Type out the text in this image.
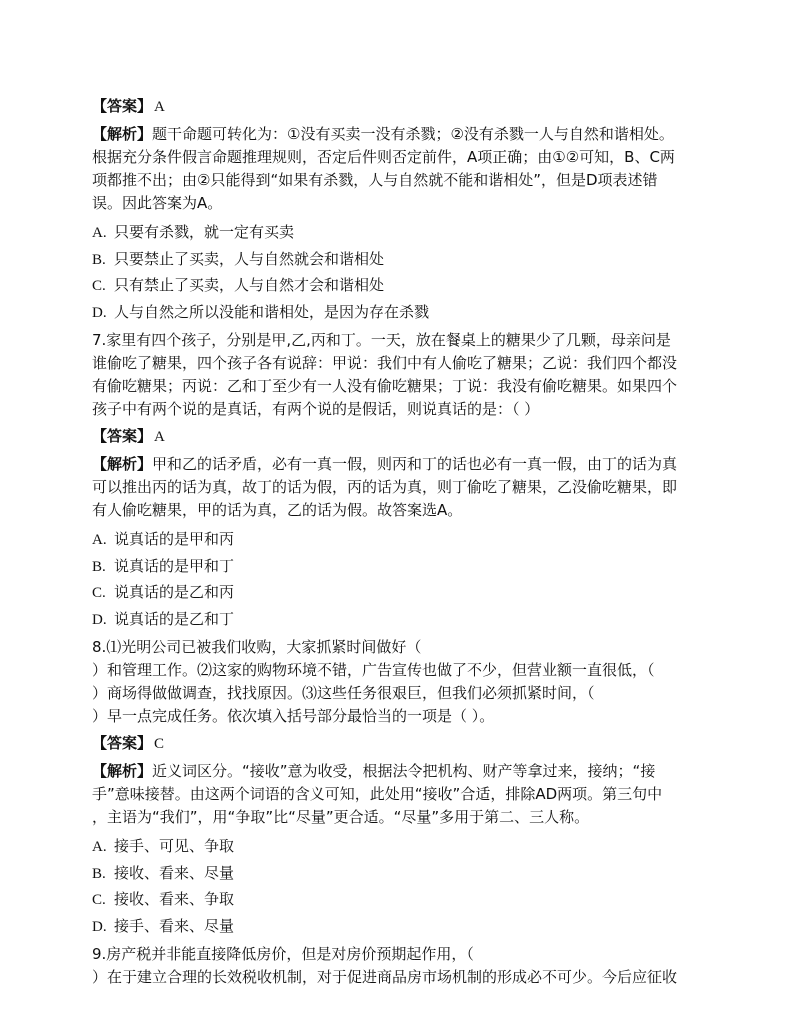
【答案】 A

【解析】题干命题可转化为：①没有买卖一没有杀戮；②没有杀戮一人与自然和谐相处。
根据充分条件假言命题推理规则，否定后件则否定前件，A项正确；由①②可知，B、C两
项都推不出；由②只能得到“如果有杀戮，人与自然就不能和谐相处”，但是D项表述错
误。因此答案为A。

A. 只要有杀戮，就一定有买卖
B. 只要禁止了买卖，人与自然就会和谐相处
C. 只有禁止了买卖，人与自然才会和谐相处
D. 人与自然之所以没能和谐相处，是因为存在杀戮

7.家里有四个孩子，分别是甲,乙,丙和丁。一天，放在餐桌上的糖果少了几颗，母亲问是
谁偷吃了糖果，四个孩子各有说辞：甲说：我们中有人偷吃了糖果；乙说：我们四个都没
有偷吃糖果；丙说：乙和丁至少有一人没有偷吃糖果；丁说：我没有偷吃糖果。如果四个
孩子中有两个说的是真话，有两个说的是假话，则说真话的是：（ ）

【答案】 A

【解析】甲和乙的话矛盾，必有一真一假，则丙和丁的话也必有一真一假，由丁的话为真
可以推出丙的话为真，故丁的话为假，丙的话为真，则丁偷吃了糖果，乙没偷吃糖果，即
有人偷吃糖果，甲的话为真，乙的话为假。故答案选A。

A. 说真话的是甲和丙
B. 说真话的是甲和丁
C. 说真话的是乙和丙
D. 说真话的是乙和丁

8.⑴光明公司已被我们收购，大家抓紧时间做好（
）和管理工作。⑵这家的购物环境不错，广告宣传也做了不少，但营业额一直很低，（
）商场得做做调查，找找原因。⑶这些任务很艰巨，但我们必须抓紧时间，（
）早一点完成任务。依次填入括号部分最恰当的一项是（ ）。

【答案】 C

【解析】近义词区分。“接收”意为收受，根据法令把机构、财产等拿过来，接纳；“接
手”意味接替。由这两个词语的含义可知，此处用“接收”合适，排除AD两项。第三句中
，主语为“我们”，用“争取”比“尽量”更合适。“尽量”多用于第二、三人称。

A. 接手、可见、争取
B. 接收、看来、尽量
C. 接收、看来、争取
D. 接手、看来、尽量

9.房产税并非能直接降低房价，但是对房价预期起作用，（
）在于建立合理的长效税收机制，对于促进商品房市场机制的形成必不可少。今后应征收
